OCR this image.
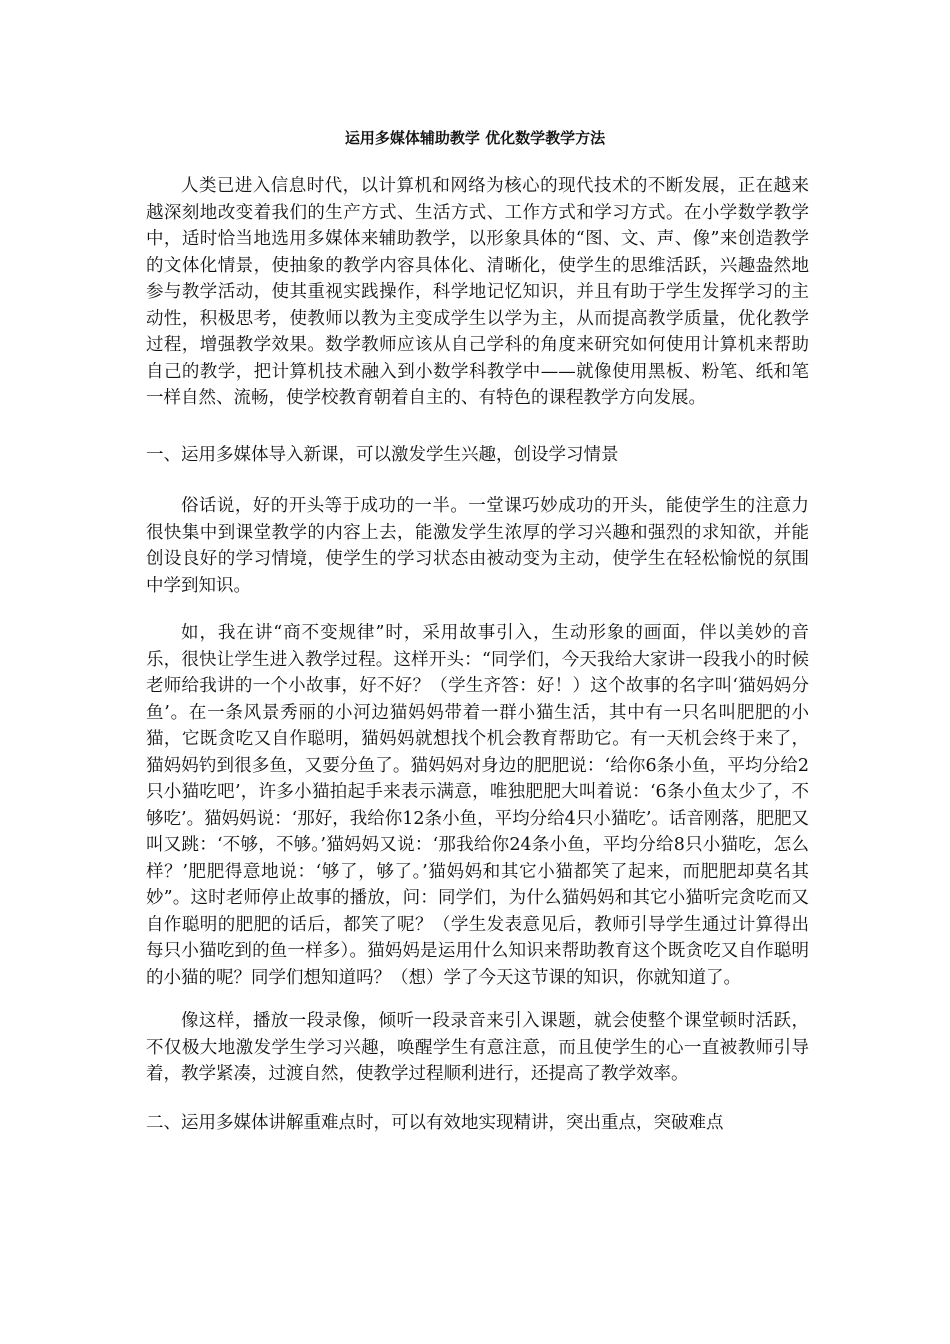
运用多媒体辅助教学 优化数学教学方法

人类已进入信息时代，以计算机和网络为核心的现代技术的不断发展，正在越来越深刻地改变着我们的生产方式、生活方式、工作方式和学习方式。在小学数学教学中，适时恰当地选用多媒体来辅助教学，以形象具体的“图、文、声、像”来创造教学的文体化情景，使抽象的教学内容具体化、清晰化，使学生的思维活跃，兴趣盎然地参与教学活动，使其重视实践操作，科学地记忆知识，并且有助于学生发挥学习的主动性，积极思考，使教师以教为主变成学生以学为主，从而提高教学质量，优化教学过程，增强教学效果。数学教师应该从自己学科的角度来研究如何使用计算机来帮助自己的教学，把计算机技术融入到小数学科教学中——就像使用黑板、粉笔、纸和笔一样自然、流畅，使学校教育朝着自主的、有特色的课程教学方向发展。

一、运用多媒体导入新课，可以激发学生兴趣，创设学习情景

俗话说，好的开头等于成功的一半。一堂课巧妙成功的开头，能使学生的注意力很快集中到课堂教学的内容上去，能激发学生浓厚的学习兴趣和强烈的求知欲，并能创设良好的学习情境，使学生的学习状态由被动变为主动，使学生在轻松愉悦的氛围中学到知识。

如，我在讲“商不变规律”时，采用故事引入，生动形象的画面，伴以美妙的音乐，很快让学生进入教学过程。这样开头：“同学们，今天我给大家讲一段我小的时候老师给我讲的一个小故事，好不好？（学生齐答：好！）这个故事的名字叫‘猫妈妈分鱼’。在一条风景秀丽的小河边猫妈妈带着一群小猫生活，其中有一只名叫肥肥的小猫，它既贪吃又自作聪明，猫妈妈就想找个机会教育帮助它。有一天机会终于来了，猫妈妈钓到很多鱼，又要分鱼了。猫妈妈对身边的肥肥说：‘给你6条小鱼，平均分给2只小猫吃吧’，许多小猫拍起手来表示满意，唯独肥肥大叫着说：‘6条小鱼太少了，不够吃’。猫妈妈说：‘那好，我给你12条小鱼，平均分给4只小猫吃’。话音刚落，肥肥又叫又跳：‘不够，不够。’猫妈妈又说：‘那我给你24条小鱼，平均分给8只小猫吃，怎么样？’肥肥得意地说：‘够了，够了。’猫妈妈和其它小猫都笑了起来，而肥肥却莫名其妙”。这时老师停止故事的播放，问：同学们，为什么猫妈妈和其它小猫听完贪吃而又自作聪明的肥肥的话后，都笑了呢？（学生发表意见后，教师引导学生通过计算得出每只小猫吃到的鱼一样多）。猫妈妈是运用什么知识来帮助教育这个既贪吃又自作聪明的小猫的呢？同学们想知道吗？（想）学了今天这节课的知识，你就知道了。

像这样，播放一段录像，倾听一段录音来引入课题，就会使整个课堂顿时活跃，不仅极大地激发学生学习兴趣，唤醒学生有意注意，而且使学生的心一直被教师引导着，教学紧凑，过渡自然，使教学过程顺利进行，还提高了教学效率。

二、运用多媒体讲解重难点时，可以有效地实现精讲，突出重点，突破难点
